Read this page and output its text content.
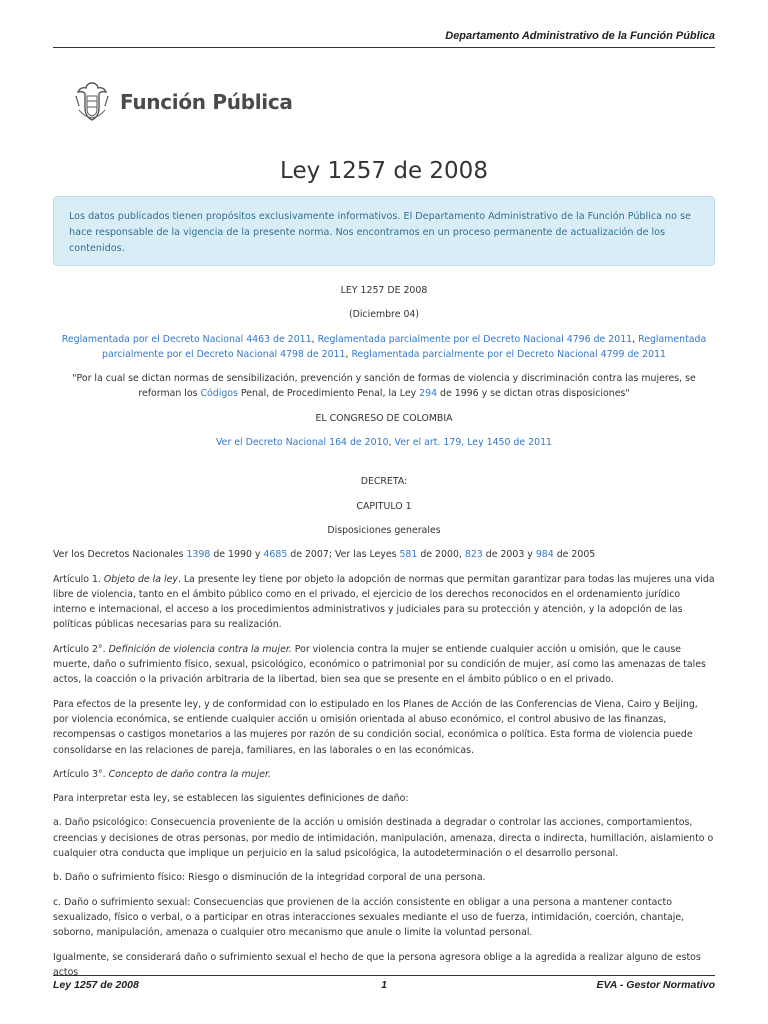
Departamento Administrativo de la Función Pública
Función Pública
Ley 1257 de 2008
Los datos publicados tienen propósitos exclusivamente informativos. El Departamento Administrativo de la Función Pública no se hace responsable de la vigencia de la presente norma. Nos encontramos en un proceso permanente de actualización de los contenidos.

LEY 1257 DE 2008

(Diciembre 04)

Reglamentada por el Decreto Nacional 4463 de 2011, Reglamentada parcialmente por el Decreto Nacional 4796 de 2011, Reglamentada parcialmente por el Decreto Nacional 4798 de 2011, Reglamentada parcialmente por el Decreto Nacional 4799 de 2011

"Por la cual se dictan normas de sensibilización, prevención y sanción de formas de violencia y discriminación contra las mujeres, se reforman los Códigos Penal, de Procedimiento Penal, la Ley 294 de 1996 y se dictan otras disposiciones"

EL CONGRESO DE COLOMBIA

Ver el Decreto Nacional 164 de 2010, Ver el art. 179, Ley 1450 de 2011

DECRETA:

CAPITULO 1

Disposiciones generales

Ver los Decretos Nacionales 1398 de 1990 y 4685 de 2007; Ver las Leyes 581 de 2000, 823 de 2003 y 984 de 2005

Artículo 1. Objeto de la ley. La presente ley tiene por objeto la adopción de normas que permitan garantizar para todas las mujeres una vida libre de violencia, tanto en el ámbito público como en el privado, el ejercicio de los derechos reconocidos en el ordenamiento jurídico interno e internacional, el acceso a los procedimientos administrativos y judiciales para su protección y atención, y la adopción de las políticas públicas necesarias para su realización.

Artículo 2°. Definición de violencia contra la mujer. Por violencia contra la mujer se entiende cualquier acción u omisión, que le cause muerte, daño o sufrimiento físico, sexual, psicológico, económico o patrimonial por su condición de mujer, así como las amenazas de tales actos, la coacción o la privación arbitraria de la libertad, bien sea que se presente en el ámbito público o en el privado.

Para efectos de la presente ley, y de conformidad con lo estipulado en los Planes de Acción de las Conferencias de Viena, Cairo y Beijing, por violencia económica, se entiende cualquier acción u omisión orientada al abuso económico, el control abusivo de las finanzas, recompensas o castigos monetarios a las mujeres por razón de su condición social, económica o política. Esta forma de violencia puede consolidarse en las relaciones de pareja, familiares, en las laborales o en las económicas.

Artículo 3°. Concepto de daño contra la mujer.

Para interpretar esta ley, se establecen las siguientes definiciones de daño:

a. Daño psicológico: Consecuencia proveniente de la acción u omisión destinada a degradar o controlar las acciones, comportamientos, creencias y decisiones de otras personas, por medio de intimidación, manipulación, amenaza, directa o indirecta, humillación, aislamiento o cualquier otra conducta que implique un perjuicio en la salud psicológica, la autodeterminación o el desarrollo personal.

b. Daño o sufrimiento físico: Riesgo o disminución de la integridad corporal de una persona.

c. Daño o sufrimiento sexual: Consecuencias que provienen de la acción consistente en obligar a una persona a mantener contacto sexualizado, físico o verbal, o a participar en otras interacciones sexuales mediante el uso de fuerza, intimidación, coerción, chantaje, soborno, manipulación, amenaza o cualquier otro mecanismo que anule o limite la voluntad personal.

Igualmente, se considerará daño o sufrimiento sexual el hecho de que la persona agresora oblige a la agredida a realizar alguno de estos actos

Ley 1257 de 2008	1	EVA - Gestor Normativo
